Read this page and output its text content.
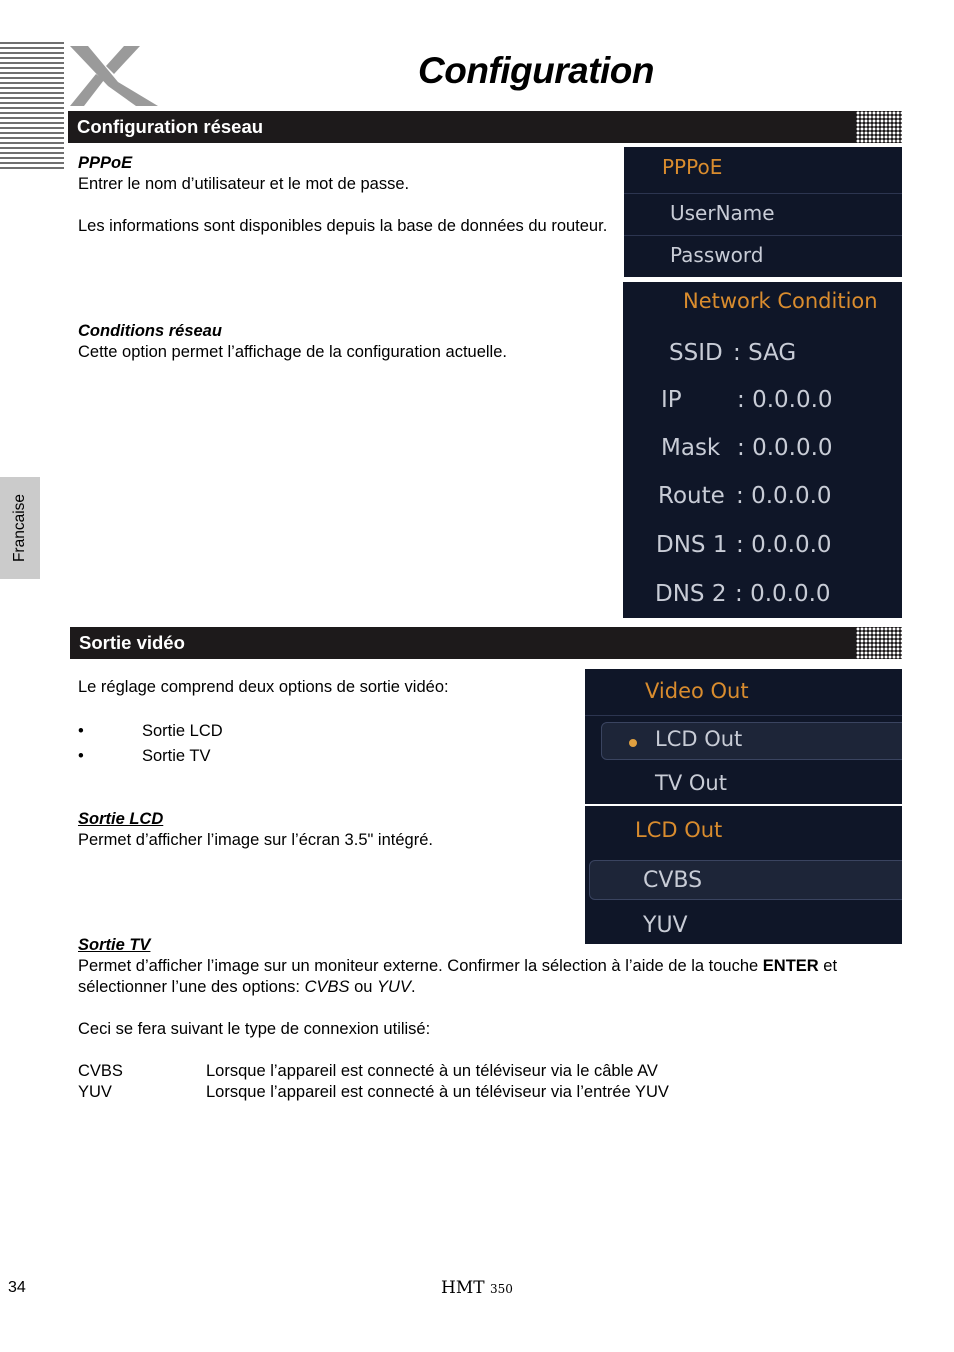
Configuration
Configuration réseau
PPPoE
Entrer le nom d’utilisateur et le mot de passe.
Les informations sont disponibles depuis la base de données du routeur.
Conditions réseau
Cette option permet l’affichage de la configuration actuelle.
PPPoE
UserName
Password
Network Condition
SSID : SAG
IP : 0.0.0.0
Mask : 0.0.0.0
Route : 0.0.0.0
DNS 1 : 0.0.0.0
DNS 2 : 0.0.0.0
Francaise
Sortie vidéo
Le réglage comprend deux options de sortie vidéo:
•	Sortie LCD
•	Sortie TV
Sortie LCD
Permet d’afficher l’image sur l’écran 3.5" intégré.
Video Out
LCD Out
TV Out
LCD Out
CVBS
YUV
Sortie TV
Permet d’afficher l’image sur un moniteur externe. Confirmer la sélection à l’aide de la touche ENTER et sélectionner l’une des options: CVBS ou YUV.
Ceci se fera suivant le type de connexion utilisé:
CVBS	Lorsque l’appareil est connecté à un téléviseur via le câble AV
YUV	Lorsque l’appareil est connecté à un téléviseur via l’entrée YUV
34	HMT 350
